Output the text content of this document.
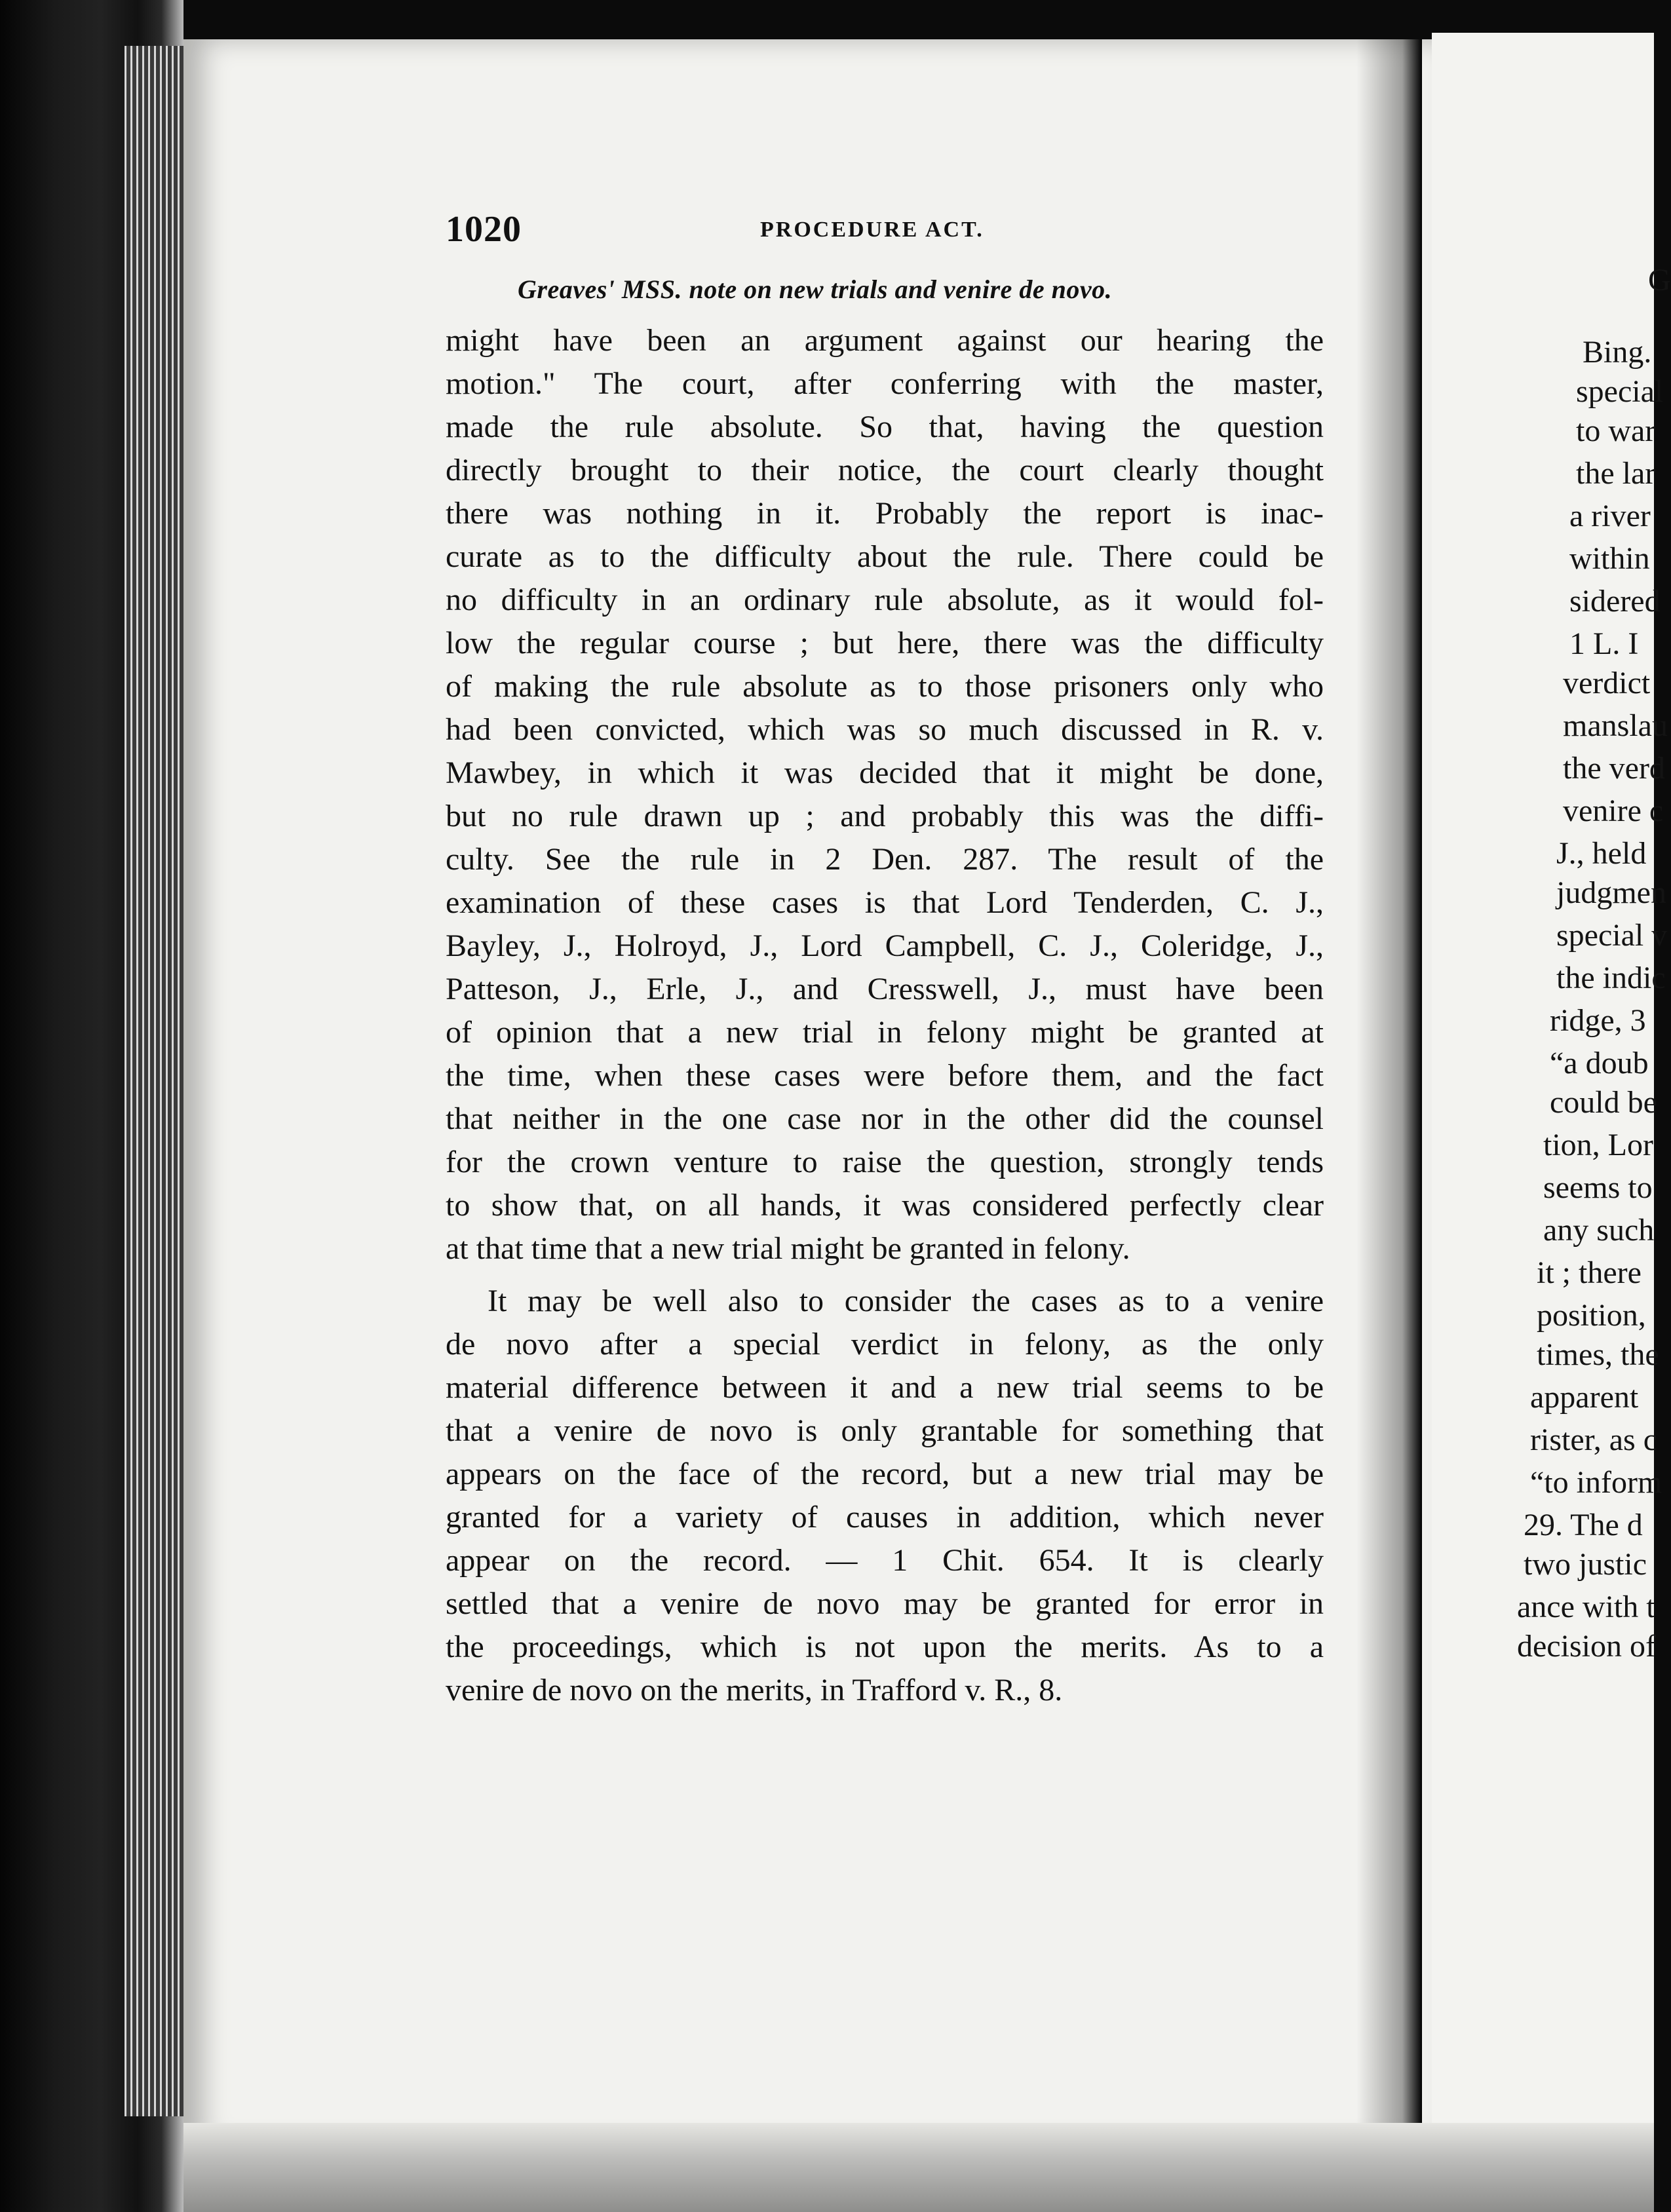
G
Bing.
special
to war
the lar
a river
within
sidered
1 L. I
verdict
manslau
the verd
venire c
J., held
judgmen
special v
the indic
ridge, 3
“a doub
could be
tion, Lor
seems to
any such
it ; there
position,
times, the
apparent
rister, as c
“to inform
29. The d
two justic
ance with t
decision of
1020	PROCEDURE ACT.
Greaves' MSS. note on new trials and venire de novo.
might have been an argument against our hearing the
motion." The court, after conferring with the master,
made the rule absolute. So that, having the question
directly brought to their notice, the court clearly thought
there was nothing in it. Probably the report is inac-
curate as to the difficulty about the rule. There could be
no difficulty in an ordinary rule absolute, as it would fol-
low the regular course ; but here, there was the difficulty
of making the rule absolute as to those prisoners only who
had been convicted, which was so much discussed in R. v.
Mawbey, in which it was decided that it might be done,
but no rule drawn up ; and probably this was the diffi-
culty. See the rule in 2 Den. 287. The result of the
examination of these cases is that Lord Tenderden, C. J.,
Bayley, J., Holroyd, J., Lord Campbell, C. J., Coleridge, J.,
Patteson, J., Erle, J., and Cresswell, J., must have been
of opinion that a new trial in felony might be granted at
the time, when these cases were before them, and the fact
that neither in the one case nor in the other did the counsel
for the crown venture to raise the question, strongly tends
to show that, on all hands, it was considered perfectly clear
at that time that a new trial might be granted in felony.
It may be well also to consider the cases as to a venire
de novo after a special verdict in felony, as the only
material difference between it and a new trial seems to be
that a venire de novo is only grantable for something that
appears on the face of the record, but a new trial may be
granted for a variety of causes in addition, which never
appear on the record. — 1 Chit. 654. It is clearly
settled that a venire de novo may be granted for error in
the proceedings, which is not upon the merits. As to a
venire de novo on the merits, in Trafford v. R., 8.
